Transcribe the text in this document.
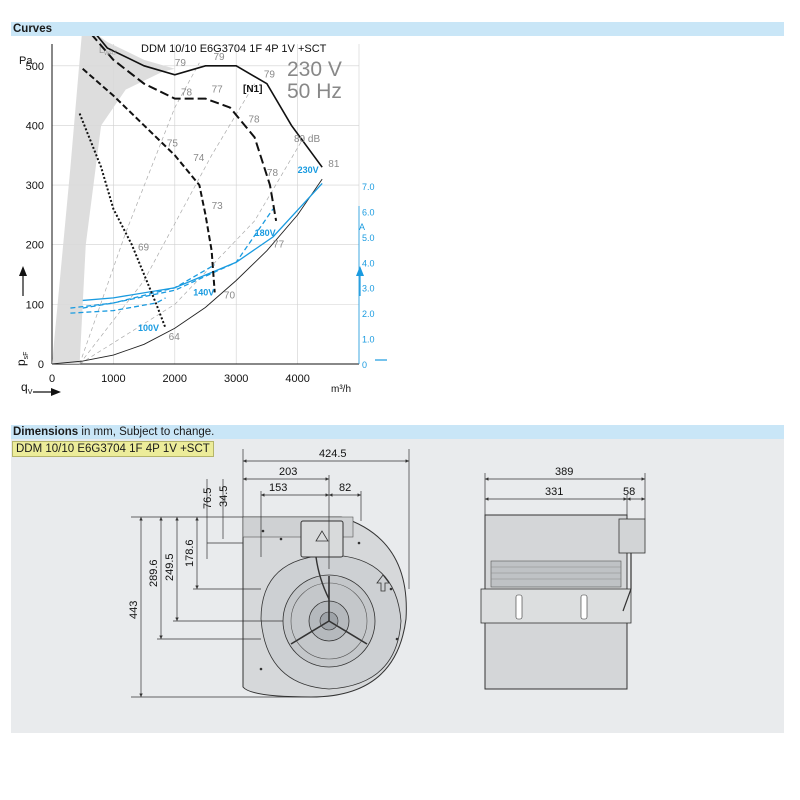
Curves
230V
180V
140V
100V
0	1000	2000	3000	4000
0
100
200
300
400
500
0
1.0
2.0
3.0
4.0
5.0
6.0
7.0
79
79
79
78 77
78
75
74
73
69
78
77
70
64
81
DDM 10/10 E6G3704 1F 4P 1V +SCT
230 V
50 Hz
[N1]
80 dB
$L_{WA7}$
Pa
m³/h
A
$q_V$
$p_{sF}$
Dimensions in mm, Subject to change.
DDM 10/10 E6G3704 1F 4P 1V +SCT	424.5
203
153	82
76.5 34.5
289.6 249.5
178.6
443
389
331	58
